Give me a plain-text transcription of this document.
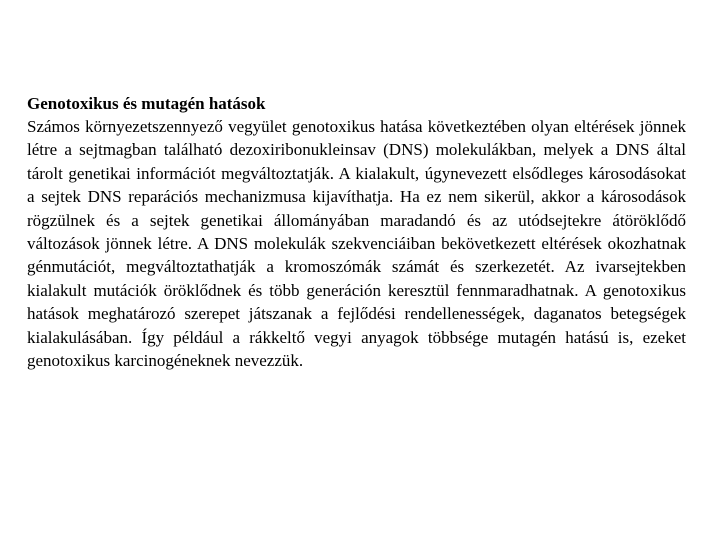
Genotoxikus és mutagén hatások

Számos környezetszennyező vegyület genotoxikus hatása következtében olyan eltérések jönnek létre a sejtmagban található dezoxiribonukleinsav (DNS) molekulákban, melyek a DNS által tárolt genetikai információt megváltoztatják. A kialakult, úgynevezett elsődleges károsodásokat a sejtek DNS reparációs mechanizmusa kijavíthatja. Ha ez nem sikerül, akkor a károsodások rögzülnek és a sejtek genetikai állományában maradandó és az utódsejtekre átöröklődő változások jönnek létre. A DNS molekulák szekvenciáiban bekövetkezett eltérések okozhatnak génmutációt, megváltoztathatják a kromoszómák számát és szerkezetét. Az ivarsejtekben kialakult mutációk öröklődnek és több generáción keresztül fennmaradhatnak. A genotoxikus hatások meghatározó szerepet játszanak a fejlődési rendellenességek, daganatos betegségek kialakulásában. Így például a rákkeltő vegyi anyagok többsége mutagén hatású is, ezeket genotoxikus karcinogéneknek nevezzük.
